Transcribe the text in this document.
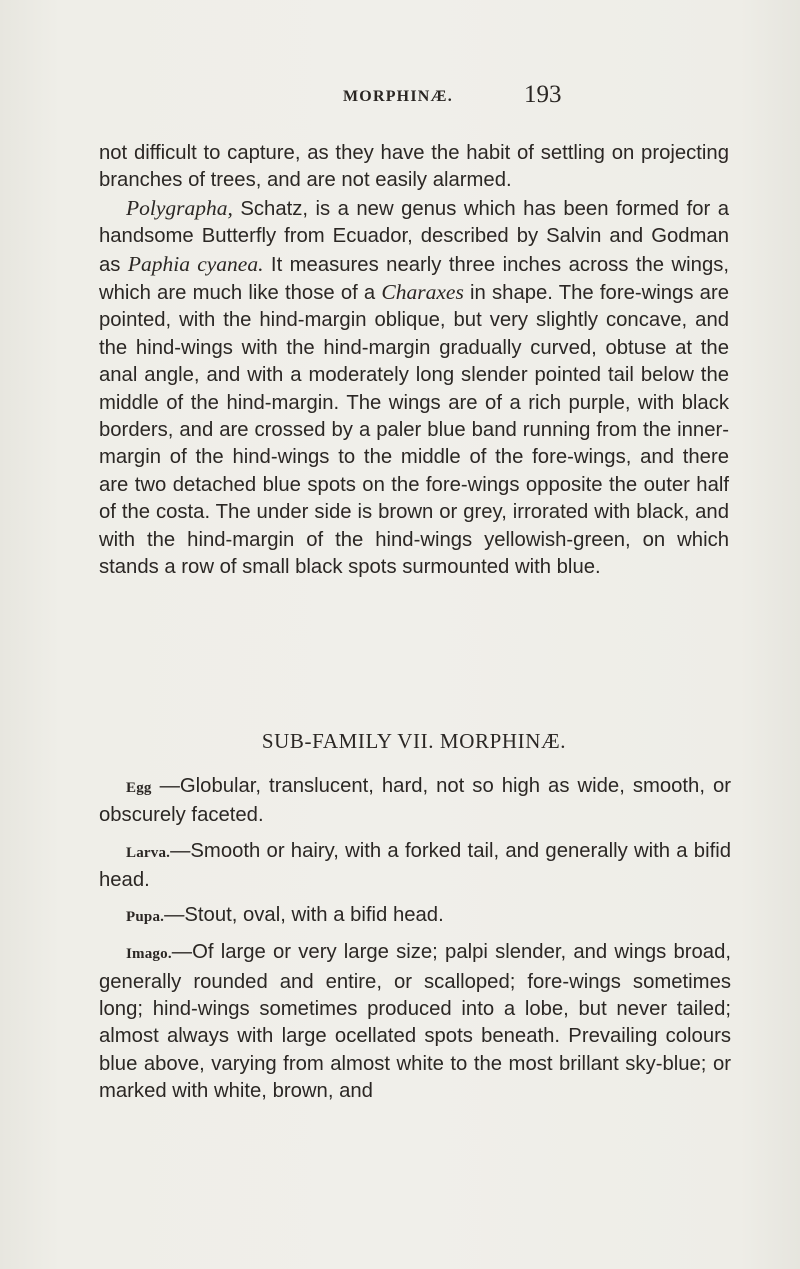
MORPHINÆ.	193

not difficult to capture, as they have the habit of settling on projecting branches of trees, and are not easily alarmed.

Polygrapha, Schatz, is a new genus which has been formed for a handsome Butterfly from Ecuador, described by Salvin and Godman as Paphia cyanea. It measures nearly three inches across the wings, which are much like those of a Charaxes in shape. The fore-wings are pointed, with the hind-margin oblique, but very slightly concave, and the hind-wings with the hind-margin gradually curved, obtuse at the anal angle, and with a moderately long slender pointed tail below the middle of the hind-margin. The wings are of a rich purple, with black borders, and are crossed by a paler blue band running from the inner-margin of the hind-wings to the middle of the fore-wings, and there are two detached blue spots on the fore-wings opposite the outer half of the costa. The under side is brown or grey, irrorated with black, and with the hind-margin of the hind-wings yellowish-green, on which stands a row of small black spots surmounted with blue.

SUB-FAMILY VII. MORPHINÆ.

Egg —Globular, translucent, hard, not so high as wide, smooth, or obscurely faceted.

Larva.—Smooth or hairy, with a forked tail, and generally with a bifid head.

Pupa.—Stout, oval, with a bifid head.

Imago.—Of large or very large size; palpi slender, and wings broad, generally rounded and entire, or scalloped; fore-wings sometimes long; hind-wings sometimes produced into a lobe, but never tailed; almost always with large ocellated spots beneath. Prevailing colours blue above, varying from almost white to the most brillant sky-blue; or marked with white, brown, and
